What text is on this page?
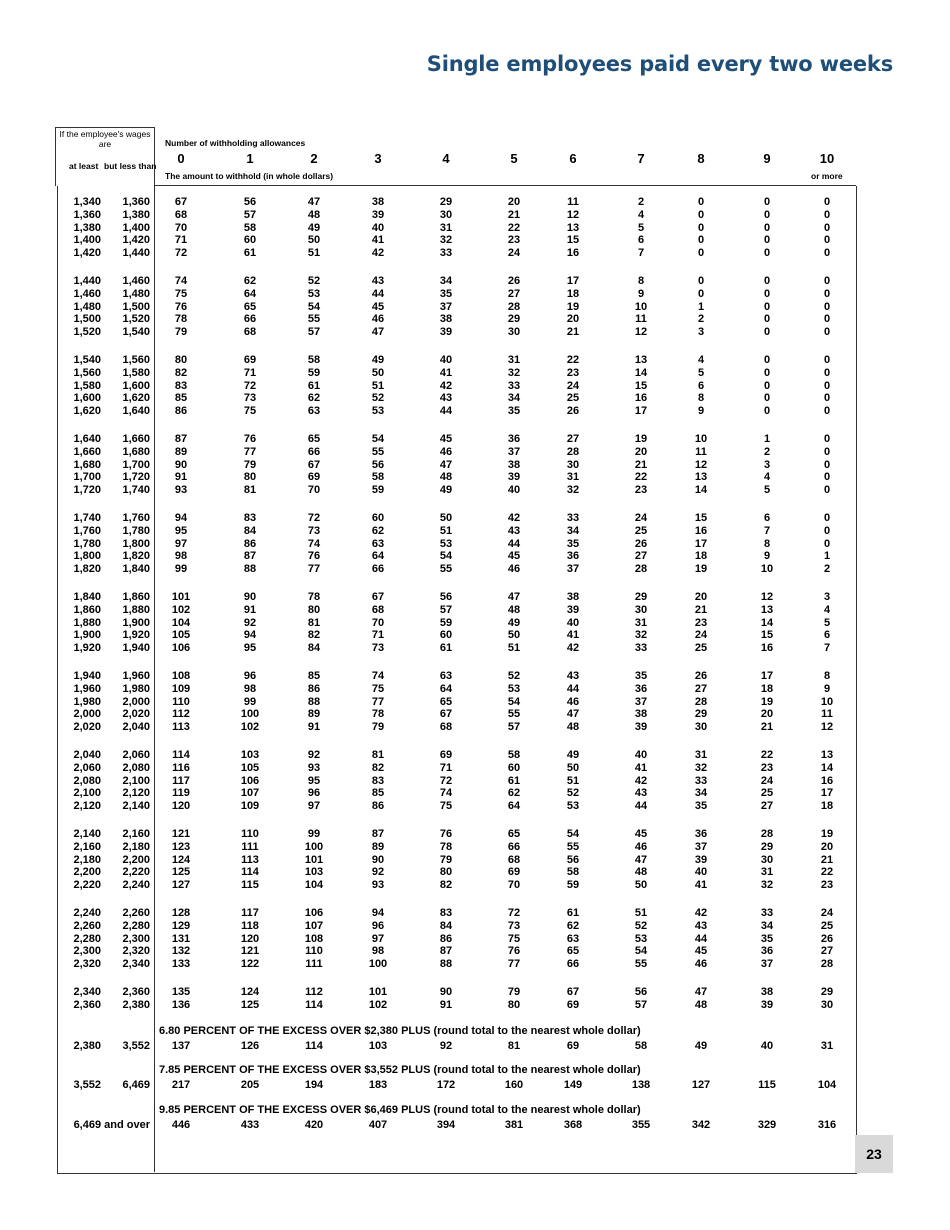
Single employees paid every two weeks
If the employee's wages are
at least but less than
Number of withholding allowances
The amount to withhold (in whole dollars)	or more
0	1	2	3	4	5	6	7	8	9	10
1,340 1,360 67	56	47	38	29	20	11	2	0	0	0
1,360 1,380 68	57	48	39	30	21	12	4	0	0	0
1,380 1,400 70	58	49	40	31	22	13	5	0	0	0
1,400 1,420 71	60	50	41	32	23	15	6	0	0	0
1,420 1,440 72	61	51	42	33	24	16	7	0	0	0
1,440 1,460 74	62	52	43	34	26	17	8	0	0	0
1,460 1,480 75	64	53	44	35	27	18	9	0	0	0
1,480 1,500 76	65	54	45	37	28	19	10	1	0	0
1,500 1,520 78	66	55	46	38	29	20	11	2	0	0
1,520 1,540 79	68	57	47	39	30	21	12	3	0	0
1,540 1,560 80	69	58	49	40	31	22	13	4	0	0
1,560 1,580 82	71	59	50	41	32	23	14	5	0	0
1,580 1,600 83	72	61	51	42	33	24	15	6	0	0
1,600 1,620 85	73	62	52	43	34	25	16	8	0	0
1,620 1,640 86	75	63	53	44	35	26	17	9	0	0
1,640 1,660 87	76	65	54	45	36	27	19	10	1	0
1,660 1,680 89	77	66	55	46	37	28	20	11	2	0
1,680 1,700 90	79	67	56	47	38	30	21	12	3	0
1,700 1,720 91	80	69	58	48	39	31	22	13	4	0
1,720 1,740 93	81	70	59	49	40	32	23	14	5	0
1,740 1,760 94	83	72	60	50	42	33	24	15	6	0
1,760 1,780 95	84	73	62	51	43	34	25	16	7	0
1,780 1,800 97	86	74	63	53	44	35	26	17	8	0
1,800 1,820 98	87	76	64	54	45	36	27	18	9	1
1,820 1,840 99	88	77	66	55	46	37	28	19	10	2
1,840 1,860 101	90	78	67	56	47	38	29	20	12	3
1,860 1,880 102	91	80	68	57	48	39	30	21	13	4
1,880 1,900 104	92	81	70	59	49	40	31	23	14	5
1,900 1,920 105	94	82	71	60	50	41	32	24	15	6
1,920 1,940 106	95	84	73	61	51	42	33	25	16	7
1,940 1,960 108	96	85	74	63	52	43	35	26	17	8
1,960 1,980 109	98	86	75	64	53	44	36	27	18	9
1,980 2,000 110	99	88	77	65	54	46	37	28	19	10
2,000 2,020 112	100	89	78	67	55	47	38	29	20	11
2,020 2,040 113	102	91	79	68	57	48	39	30	21	12
2,040 2,060 114	103	92	81	69	58	49	40	31	22	13
2,060 2,080 116	105	93	82	71	60	50	41	32	23	14
2,080 2,100 117	106	95	83	72	61	51	42	33	24	16
2,100 2,120 119	107	96	85	74	62	52	43	34	25	17
2,120 2,140 120	109	97	86	75	64	53	44	35	27	18
2,140 2,160 121	110	99	87	76	65	54	45	36	28	19
2,160 2,180 123	111	100	89	78	66	55	46	37	29	20
2,180 2,200 124	113	101	90	79	68	56	47	39	30	21
2,200 2,220 125	114	103	92	80	69	58	48	40	31	22
2,220 2,240 127	115	104	93	82	70	59	50	41	32	23
2,240 2,260 128	117	106	94	83	72	61	51	42	33	24
2,260 2,280 129	118	107	96	84	73	62	52	43	34	25
2,280 2,300 131	120	108	97	86	75	63	53	44	35	26
2,300 2,320 132	121	110	98	87	76	65	54	45	36	27
2,320 2,340 133	122	111	100	88	77	66	55	46	37	28
2,340 2,360 135	124	112	101	90	79	67	56	47	38	29
2,360 2,380 136	125	114	102	91	80	69	57	48	39	30
6.80 PERCENT OF THE EXCESS OVER $2,380 PLUS (round total to the nearest whole dollar)
2,380 3,552 137	126	114	103	92	81	69	58	49	40	31
7.85 PERCENT OF THE EXCESS OVER $3,552 PLUS (round total to the nearest whole dollar)
3,552 6,469 217	205	194	183	172	160	149	138	127	115	104
9.85 PERCENT OF THE EXCESS OVER $6,469 PLUS (round total to the nearest whole dollar)
6,469 and over 446	433	420	407	394	381	368	355	342	329	316
23
